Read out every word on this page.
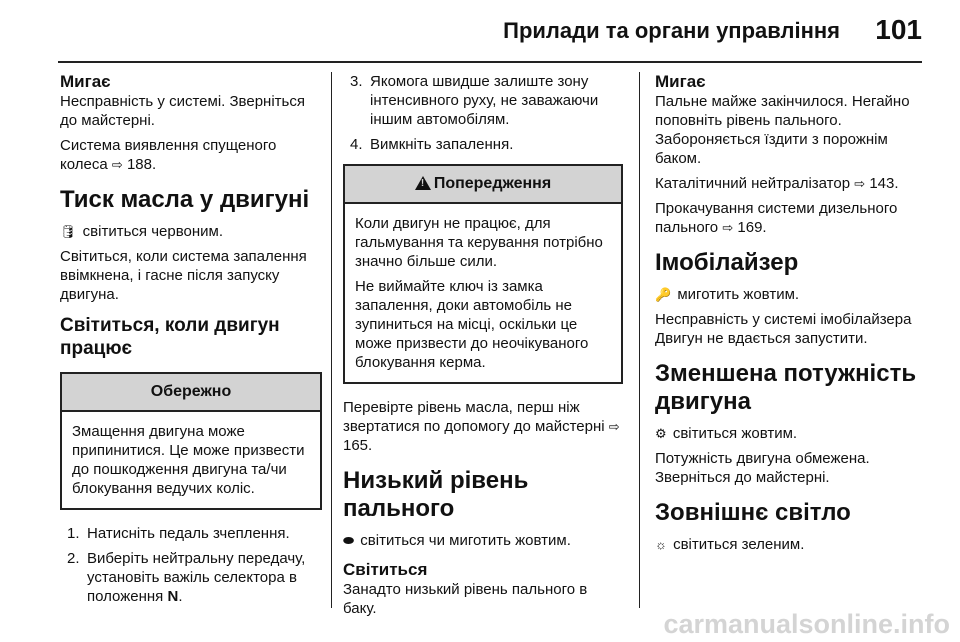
Прилади та органи управління 101
Мигає

Несправність у системі. Зверніться до майстерні.

Система виявлення спущеного колеса ⇨ 188.

Тиск масла у двигуні

🛢 світиться червоним.

Світиться, коли система запалення ввімкнена, і гасне після запуску двигуна.

Світиться, коли двигун працює
Обережно

Змащення двигуна може припинитися. Це може призвести до пошкодження двигуна та/чи блокування ведучих коліс.

1. Натисніть педаль зчеплення.
2. Виберіть нейтральну передачу, установіть важіль селектора в положення N.
3. Якомога швидше залиште зону інтенсивного руху, не заважаючи іншим автомобілям.
4. Вимкніть запалення.
!Попередження

Коли двигун не працює, для гальмування та керування потрібно значно більше сили.

Не виймайте ключ із замка запалення, доки автомобіль не зупиниться на місці, оскільки це може призвести до неочікуваного блокування керма.

Перевірте рівень масла, перш ніж звертатися по допомогу до майстерні ⇨ 165.

Низький рівень пального

⬬ світиться чи миготить жовтим.

Світиться

Занадто низький рівень пального в баку.

Мигає

Пальне майже закінчилося. Негайно поповніть рівень пального. Забороняється їздити з порожнім баком.

Каталітичний нейтралізатор ⇨ 143.

Прокачування системи дизельного пального ⇨ 169.

Імобілайзер

🔑 миготить жовтим.

Несправність у системі імобілайзера Двигун не вдається запустити.

Зменшена потужність двигуна

⚙ світиться жовтим.

Потужність двигуна обмежена. Зверніться до майстерні.

Зовнішнє світло

☼ світиться зеленим.

carmanualsonline.info
